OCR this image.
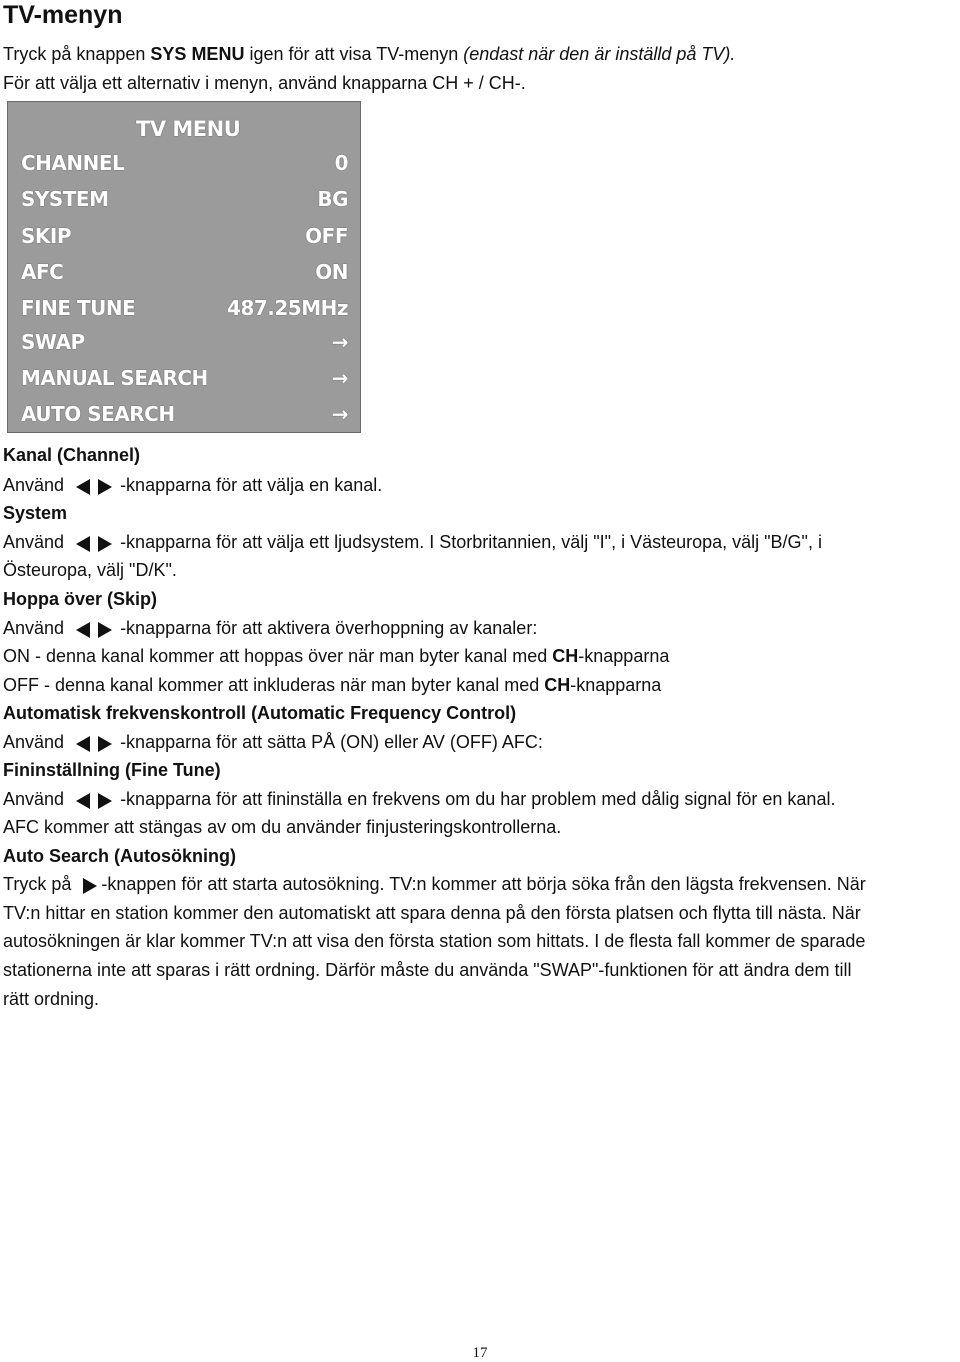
TV-menyn
Tryck på knappen SYS MENU igen för att visa TV-menyn (endast när den är inställd på TV).
För att välja ett alternativ i menyn, använd knapparna CH + / CH-.
TV MENU
CHANNEL	0
SYSTEM	BG
SKIP	OFF
AFC	ON
FINE TUNE	487.25MHz
SWAP	→
MANUAL SEARCH	→
AUTO SEARCH	→
Kanal (Channel)
Använd	-knapparna för att välja en kanal.
System
Använd	-knapparna för att välja ett ljudsystem. I Storbritannien, välj "I", i Västeuropa, välj "B/G", i
Östeuropa, välj "D/K".
Hoppa över (Skip)
Använd	-knapparna för att aktivera överhoppning av kanaler:
ON - denna kanal kommer att hoppas över när man byter kanal med CH-knapparna
OFF - denna kanal kommer att inkluderas när man byter kanal med CH-knapparna
Automatisk frekvenskontroll (Automatic Frequency Control)
Använd	-knapparna för att sätta PÅ (ON) eller AV (OFF) AFC:
Fininställning (Fine Tune)
Använd	-knapparna för att fininställa en frekvens om du har problem med dålig signal för en kanal.
AFC kommer att stängas av om du använder finjusteringskontrollerna.
Auto Search (Autosökning)
Tryck på -knappen för att starta autosökning. TV:n kommer att börja söka från den lägsta frekvensen. När
TV:n hittar en station kommer den automatiskt att spara denna på den första platsen och flytta till nästa. När
autosökningen är klar kommer TV:n att visa den första station som hittats. I de flesta fall kommer de sparade
stationerna inte att sparas i rätt ordning. Därför måste du använda "SWAP"-funktionen för att ändra dem till
rätt ordning.
17
